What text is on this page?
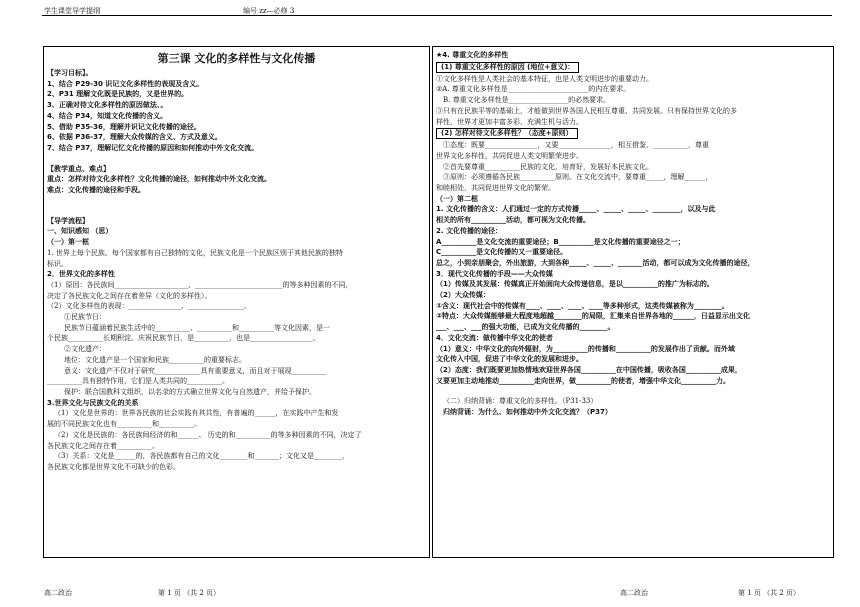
学生课堂导学提纲	编号 zz—必修 3
第三课 文化的多样性与文化传播
【学习目标】。
1、结合 P29-30 识记文化多样性的表现及含义。
2、P31 理解文化既是民族的，又是世界的。
3、正确对待文化多样性的原因做法、。
4、结合 P34，知道文化传播的含义。
5、借助 P35-36，理解并识记文化传播的途径。
6、依据 P36-37，理解大众传媒的含义、方式及意义。
7、结合 P37，理解记忆文化传播的原因和如何推动中外文化交流。
【教学重点、难点】
重点：怎样对待文化多样性？文化传播的途径，如何推动中外文化交流。
难点：文化传播的途径和手段。
【导学流程】
一、知识感知 （思）
（一）第一框
1. 世界上每个民族、每个国家都有自己独特的文化，民族文化是一个民族区别于其他民族的独特
标识。
2．世界文化的多样性
（1）原因：各民族间_____________________、_________________________的等多种因素的不同，
决定了各民族文化之间存在着差异（文化的多样性）。
（2）文化多样性的表现：_______________、________________。
①民族节日：
民族节日蕴涵着民族生活中的__________、__________和__________等文化因素，是一
个民族__________长期积淀。庆祝民族节日，是__________，也是__________________。
②文化遗产：
地位：文化遗产是一个国家和民族__________的重要标志。
意义：文化遗产不仅对于研究_____________具有重要意义，而且对于展现__________
__________具有独特作用，它们是人类共同的__________。
保护：联合国教科文组织，以名录的方式确立世界文化与自然遗产，并给予保护。
3.世界文化与民族文化的关系
（1）文化是世界的：世界各民族的社会实践有其共性，有普遍的______，在实践中产生和发
展的不同民族文化也有__________和__________。
（2）文化是民族的：各民族间经济的和______、 历史的和__________的等多种因素的不同，决定了
各民族文化之间存在着__________。
（3）关系：文化是______的，各民族都有自己的文化________和_______；文化又是________，
各民族文化都是世界文化不可缺少的色彩。
★4. 尊重文化的多样性
(1) 尊重文化多样性的原因 (地位+意义)：
①文化多样性是人类社会的基本特征，也是人类文明进步的重要动力。
②A. 尊重文化多样性是_______________________的内在要求。
B. 尊重文化多样性是_________________的必然要求。
③只有在民族平等的基础上，才能做到世界各国人民相互尊重、共同发展。只有保持世界文化的多
样性，世界才更加丰富多彩，充满生机与活力。
(2) 怎样对待文化多样性？（态度+原则）
①态度：既要_______________，又要_______________，相互借鉴，__________，尊重
世界文化多样性，共同促进人类文明繁荣进步。
②首先要尊重__________民族的文化，培育好，发展好本民族文化。
③原则：必须遵循各民族__________原则。在文化交流中，要尊重_____，理解______，
和睦相处，共同促进世界文化的繁荣。
（一）第二框
1. 文化传播的含义：人们通过一定的方式传播_____、_____、_____、________，以及与此
相关的所有__________活动，都可视为文化传播。
2. 文化传播的途径：
A__________是文化交流的重要途径；B__________是文化传播的重要途径之一；
C__________是文化传播的又一重要途径。
总之，小到亲朋聚会，外出旅游，大到各种_____、_____、_______活动，都可以成为文化传播的途径，
3．现代文化传播的手段——大众传媒
（1）传媒及其发展：传媒真正开始面向大众传递信息，是以__________的推广为标志的。
（2）大众传媒：
①含义：现代社会中的传媒有____、____、____、____等多种形式，这类传媒被称为________。
②特点：大众传媒能够最大程度地超越________的局限，汇集来自世界各地的______，日益显示出文化
___、___、___的强大功能，已成为文化传播的________。
4．文化交流：做传播中华文化的使者
（1）意义：中华文化的向外辐射，为__________的传播和__________的发展作出了贡献。而外域
文化传入中国，促进了中华文化的发展和进步。
（2）态度：我们既要更加热情地欢迎世界各国__________在中国传播，吸收各国__________成果，
又要更加主动地推动__________走向世界，做__________的使者，增强中华文化__________力。
（二）归纳背诵：尊重文化的多样性。（P31-33）
归纳背诵：为什么、如何推动中外文化交流？（P37）
高二政治	第 1 页 （共 2 页）	高二政治	第 1 页 （共 2 页）
